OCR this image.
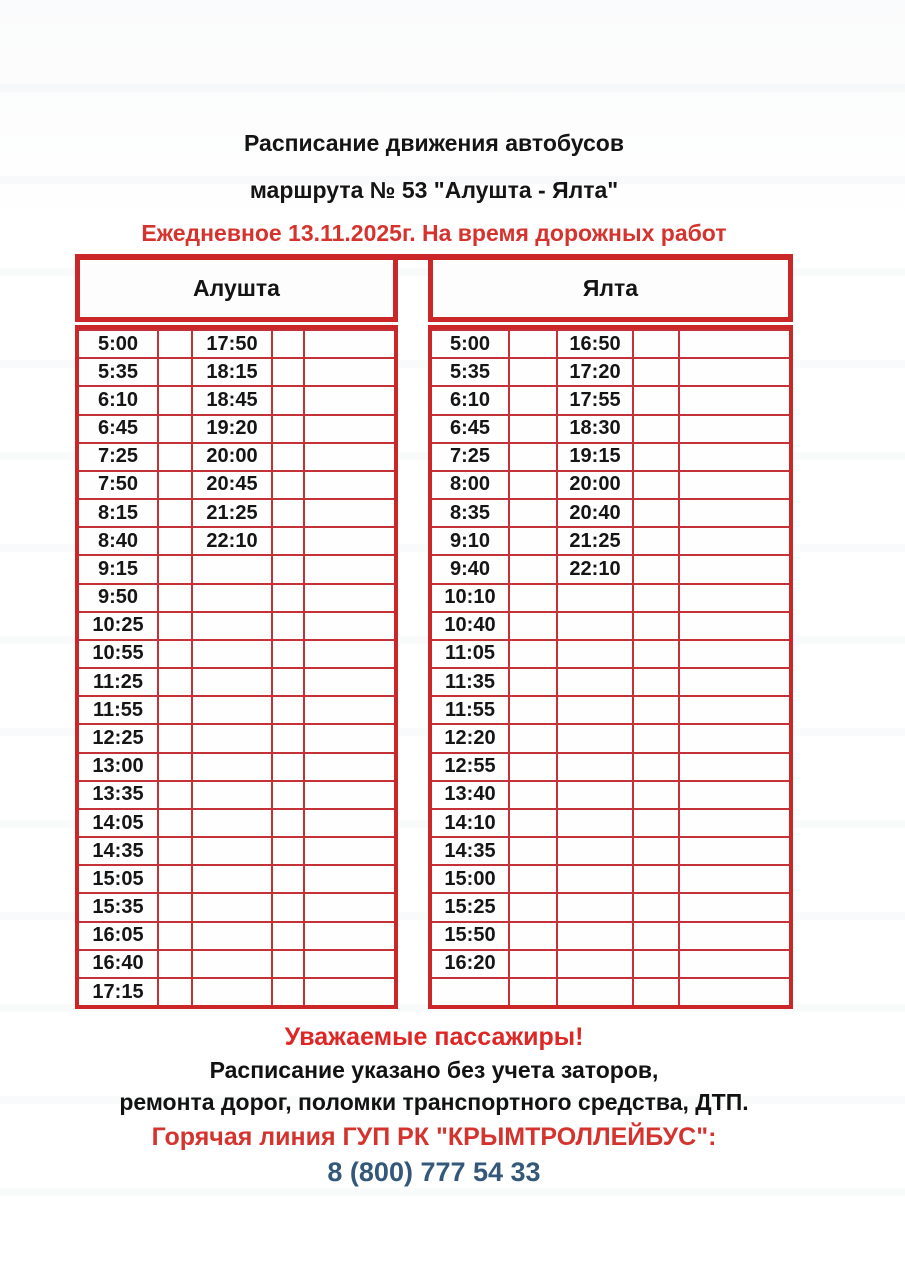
Расписание движения автобусов
маршрута № 53 "Алушта - Ялта"
Ежедневное 13.11.2025г. На время дорожных работ
Алушта
5:00	17:50
5:35	18:15
6:10	18:45
6:45	19:20
7:25	20:00
7:50	20:45
8:15	21:25
8:40	22:10
9:15
9:50
10:25
10:55
11:25
11:55
12:25
13:00
13:35
14:05
14:35
15:05
15:35
16:05
16:40
17:15
Ялта
5:00	16:50
5:35	17:20
6:10	17:55
6:45	18:30
7:25	19:15
8:00	20:00
8:35	20:40
9:10	21:25
9:40	22:10
10:10
10:40
11:05
11:35
11:55
12:20
12:55
13:40
14:10
14:35
15:00
15:25
15:50
16:20
Уважаемые пассажиры!
Расписание указано без учета заторов,
ремонта дорог, поломки транспортного средства, ДТП.
Горячая линия ГУП РК "КРЫМТРОЛЛЕЙБУС":
8 (800) 777 54 33
